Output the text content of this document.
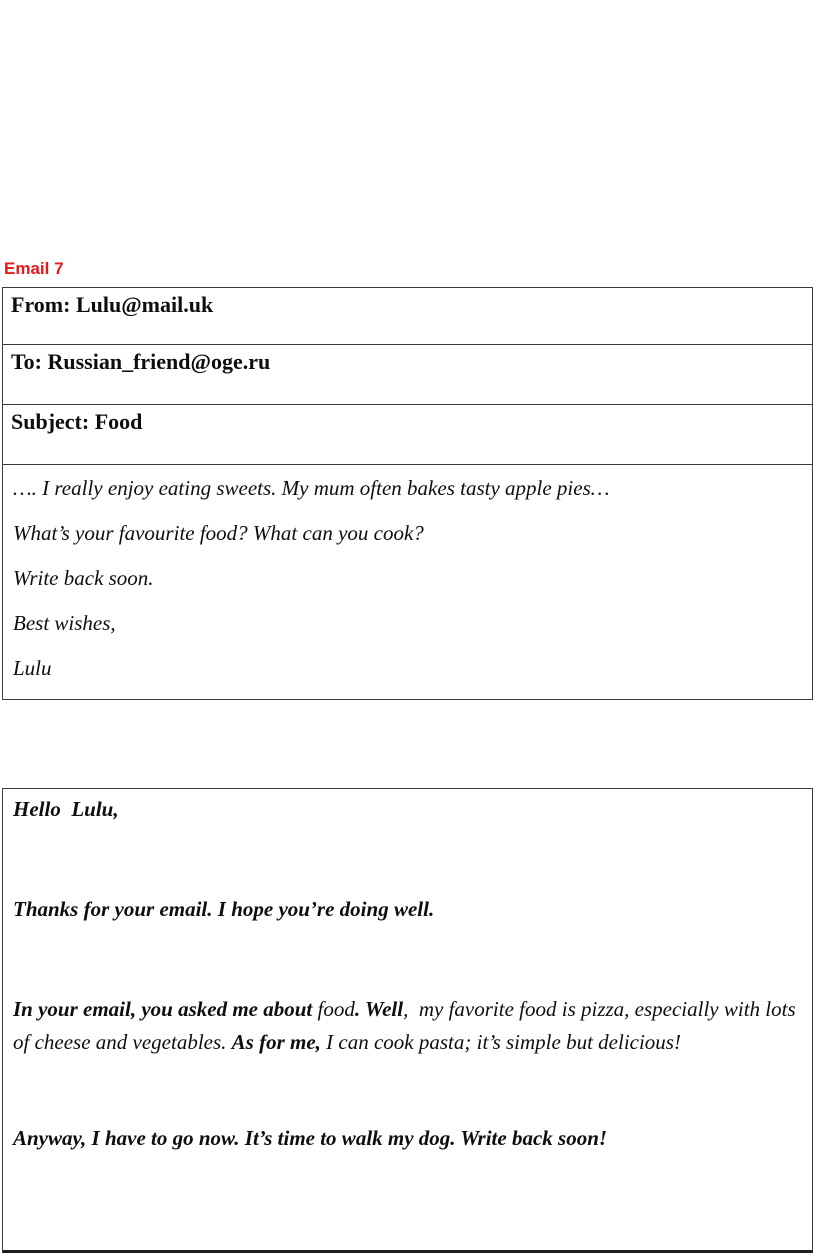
Email 7
From: Lulu@mail.uk
To: Russian_friend@oge.ru
Subject: Food

…. I really enjoy eating sweets. My mum often bakes tasty apple pies…

What’s your favourite food? What can you cook?

Write back soon.

Best wishes,

Lulu

Hello  Lulu,

Thanks for your email. I hope you’re doing well.

In your email, you asked me about food. Well,  my favorite food is pizza, especially with lots of cheese and vegetables. As for me, I can cook pasta; it’s simple but delicious!

Anyway, I have to go now. It’s time to walk my dog. Write back soon!
